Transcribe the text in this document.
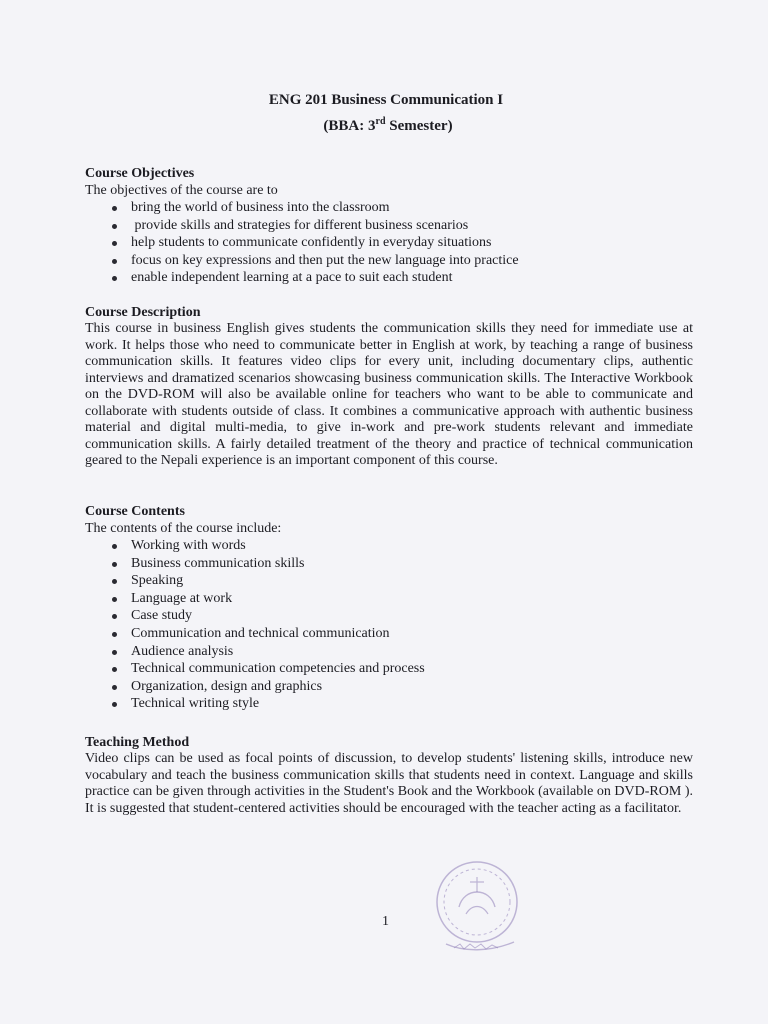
ENG 201 Business Communication I
(BBA: 3rd Semester)
Course Objectives
The objectives of the course are to
bring the world of business into the classroom
provide skills and strategies for different business scenarios
help students to communicate confidently in everyday situations
focus on key expressions and then put the new language into practice
enable independent learning at a pace to suit each student
Course Description

This course in business English gives students the communication skills they need for immediate use at work. It helps those who need to communicate better in English at work, by teaching a range of business communication skills. It features video clips for every unit, including documentary clips, authentic interviews and dramatized scenarios showcasing business communication skills. The Interactive Workbook on the DVD-ROM will also be available online for teachers who want to be able to communicate and collaborate with students outside of class. It combines a communicative approach with authentic business material and digital multi-media, to give in-work and pre-work students relevant and immediate communication skills. A fairly detailed treatment of the theory and practice of technical communication geared to the Nepali experience is an important component of this course.

Course Contents
The contents of the course include:
Working with words
Business communication skills
Speaking
Language at work
Case study
Communication and technical communication
Audience analysis
Technical communication competencies and process
Organization, design and graphics
Technical writing style
Teaching Method

Video clips can be used as focal points of discussion, to develop students' listening skills, introduce new vocabulary and teach the business communication skills that students need in context. Language and skills practice can be given through activities in the Student's Book and the Workbook (available on DVD-ROM ). It is suggested that student-centered activities should be encouraged with the teacher acting as a facilitator.

1
